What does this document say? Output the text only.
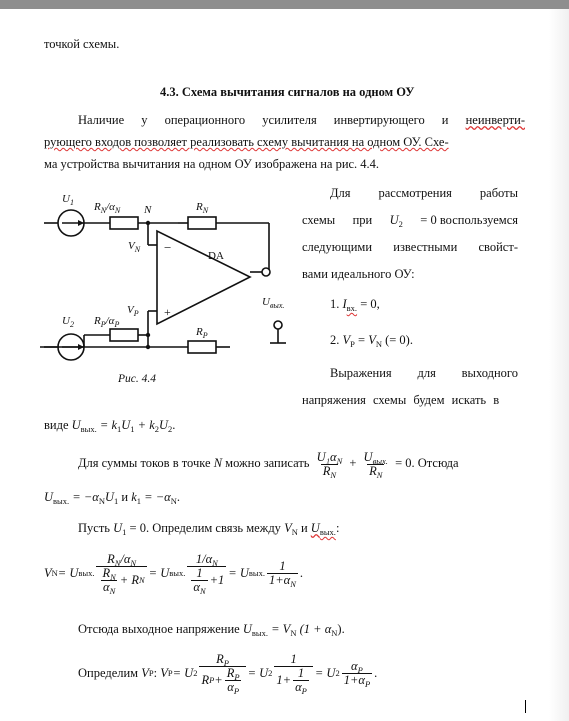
точкой схемы.
4.3. Схема вычитания сигналов на одном ОУ
Наличие у операционного усилителя инвертирующего и неинверти-
рующего входов позволяет реализовать схему вычитания на одном ОУ. Схе-
ма устройства вычитания на одном ОУ изображена на рис. 4.4.
$U_1$ $R_N/\alpha_N$ N	$R_N$
$V_N$
DA
−
+
$V_P$
$U_2$ $R_P/\alpha_P$
$R_P$
$U_{вых.}$
Рис. 4.4
Для рассмотрения работы
схемы при $U_2 = 0$ воспользуемся
следующими известными свойст-
вами идеального ОУ:
1. $I_{вх.} = 0$,
2. $V_P = V_N$ (= 0).
Выражения для выходного
напряжения схемы будем искать в
виде $U_{вых.} = k_1U_1 + k_2U_2$.
Для суммы токов в точке N можно записать $\frac{U_1\alpha_N}{R_N} + \frac{U_{вых.}}{R_N} = 0$. Отсюда
$U_{вых.} = -\alpha_NU_1$ и $k_1 = -\alpha_N$.
Пусть $U_1 = 0$. Определим связь между $V_N$ и $U_{вых.}$:
V N = U вых. $\frac{R_N/\alpha_N}{\frac{R_N}{\alpha_N} + R N} = U$ вых. $\frac{1/\alpha_N}{\frac{1}{\alpha_N} +1} = U$ вых. $\frac{1}{1+\alpha_N}$ .
Отсюда выходное напряжение $U_{вых.} = V_N$ $(1 + \alpha_N)$.
Определим
V P :
V P = U $2 \frac{R_P}{R P + \frac{R_P}{\alpha_P}} = U$ $2 \frac{1}{1+ \frac{1}{\alpha_P}} = U$ $2 \frac{\alpha_P}{1+\alpha_P}$ .
